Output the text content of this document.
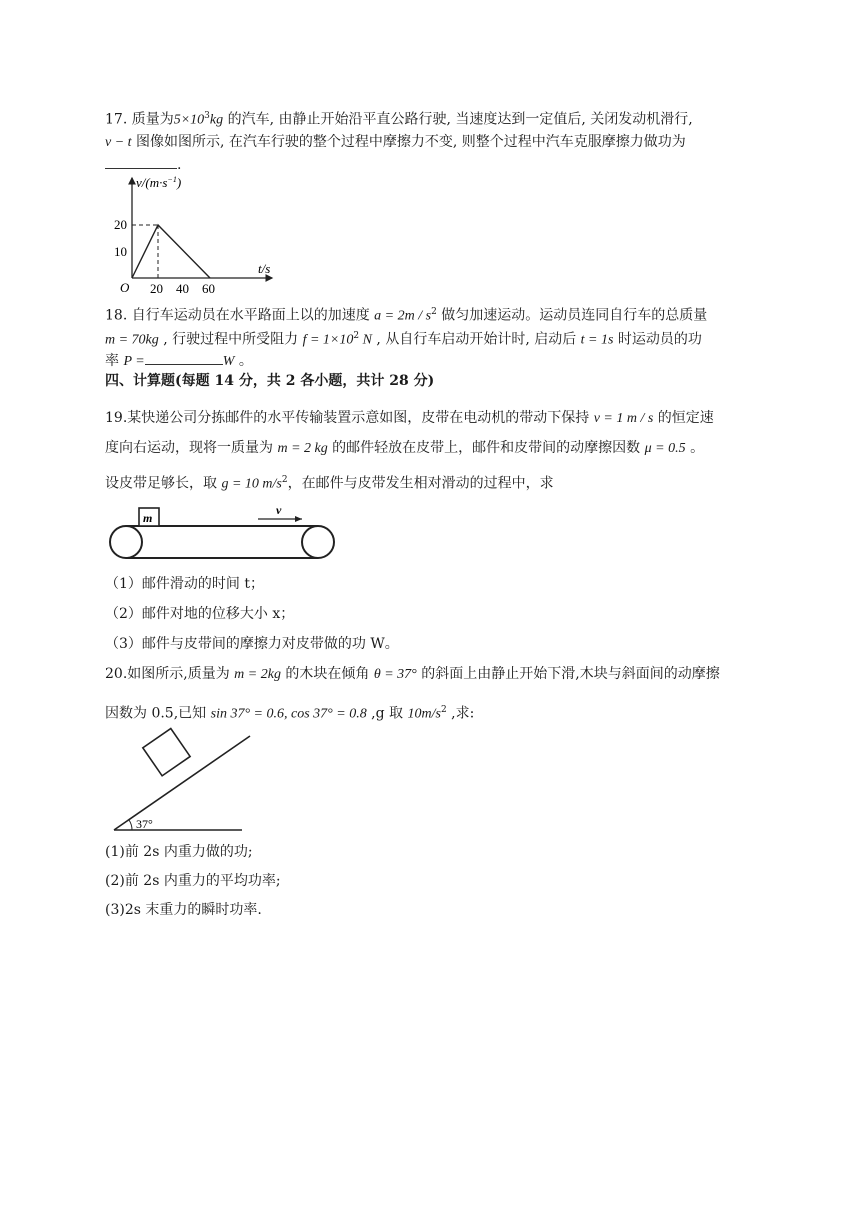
17. 质量为$5\times 10^3kg$ 的汽车, 由静止开始沿平直公路行驶, 当速度达到一定值后, 关闭发动机滑行,
v − t 图像如图所示, 在汽车行驶的整个过程中摩擦力不变, 则整个过程中汽车克服摩擦力做功为
.
$v/(m\cdot s^{-1})$
t/s
O
20
10
20 40 60
18. 自行车运动员在水平路面上以的加速度 $a = 2m / s^2$ 做匀加速运动。运动员连同自行车的总质量
m = 70kg , 行驶过程中所受阻力 $f = 1\times 10^2$ N , 从自行车启动开始计时, 启动后 t = 1s 时运动员的功
率 P =	W 。
四、计算题(每题 14 分，共 2 各小题，共计 28 分)
19.某快递公司分拣邮件的水平传输装置示意如图，皮带在电动机的带动下保持 v = 1 m / s 的恒定速
度向右运动，现将一质量为 m = 2 kg 的邮件轻放在皮带上，邮件和皮带间的动摩擦因数 μ = 0.5 。
设皮带足够长，取 g = 10 $m/s^2$，在邮件与皮带发生相对滑动的过程中，求
m
v
（1）邮件滑动的时间 t；
（2）邮件对地的位移大小 x；
（3）邮件与皮带间的摩擦力对皮带做的功 W。
20.如图所示,质量为 m = 2kg 的木块在倾角 θ = 37° 的斜面上由静止开始下滑,木块与斜面间的动摩擦
因数为 0.5,已知 sin 37° = 0.6, cos 37° = 0.8 ,g 取 $10m/s^2$ ,求:
37°
(1)前 2s 内重力做的功;
(2)前 2s 内重力的平均功率;
(3)2s 末重力的瞬时功率.
